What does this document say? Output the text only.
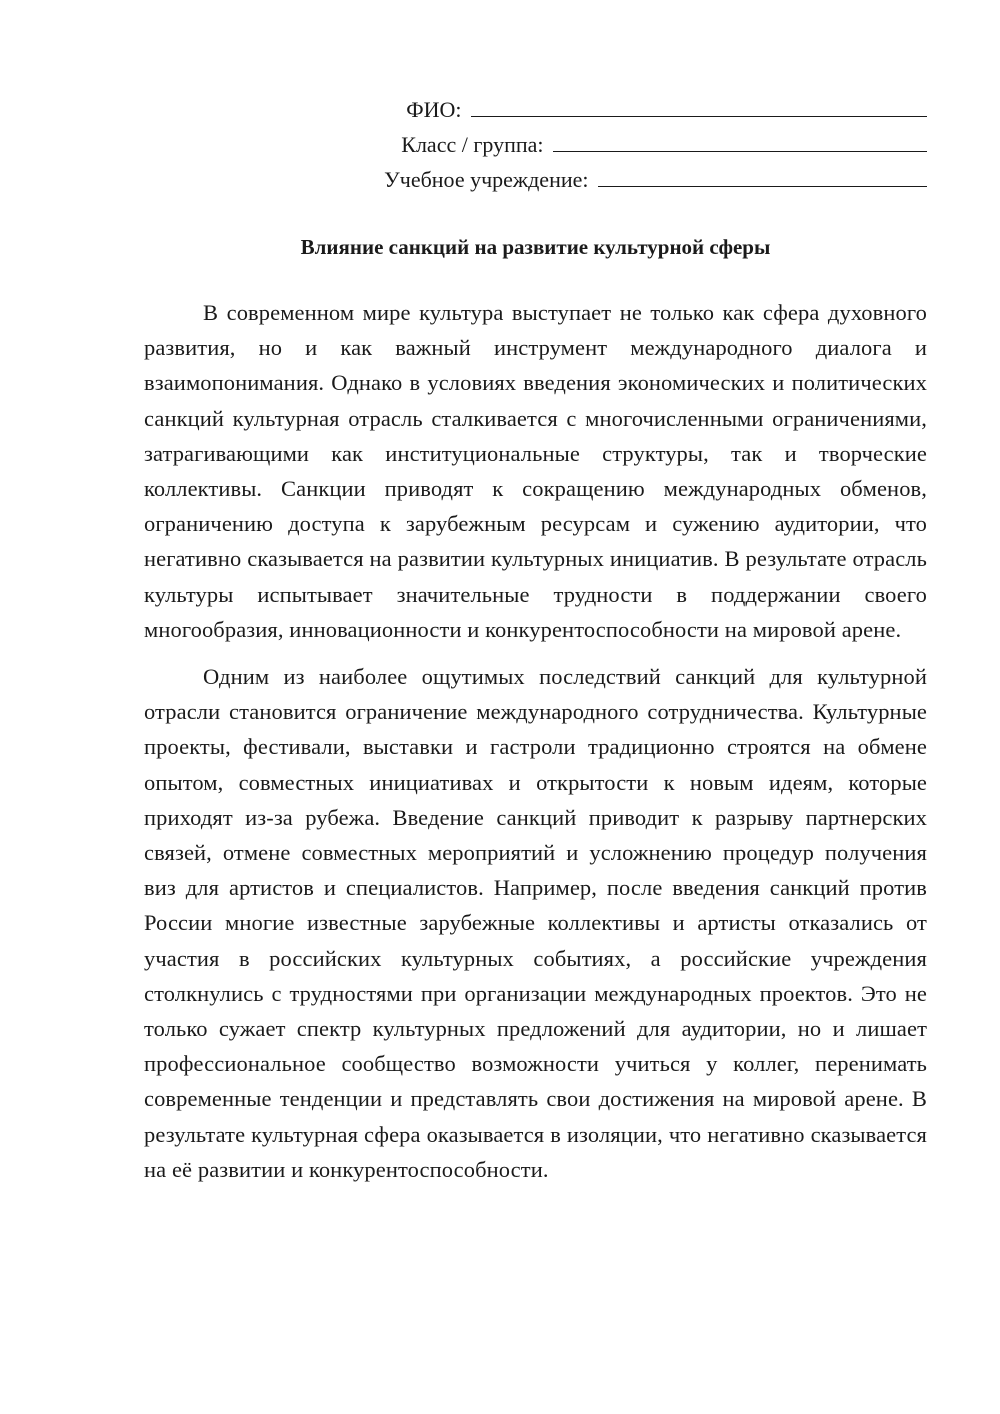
ФИО:
Класс / группа:
Учебное учреждение:
Влияние санкций на развитие культурной сферы

В современном мире культура выступает не только как сфера духовного развития, но и как важный инструмент международного диалога и взаимопонимания. Однако в условиях введения экономических и политических санкций культурная отрасль сталкивается с многочисленными ограничениями, затрагивающими как институциональные структуры, так и творческие коллективы. Санкции приводят к сокращению международных обменов, ограничению доступа к зарубежным ресурсам и сужению аудитории, что негативно сказывается на развитии культурных инициатив. В результате отрасль культуры испытывает значительные трудности в поддержании своего многообразия, инновационности и конкурентоспособности на мировой арене.

Одним из наиболее ощутимых последствий санкций для культурной отрасли становится ограничение международного сотрудничества. Культурные проекты, фестивали, выставки и гастроли традиционно строятся на обмене опытом, совместных инициативах и открытости к новым идеям, которые приходят из-за рубежа. Введение санкций приводит к разрыву партнерских связей, отмене совместных мероприятий и усложнению процедур получения виз для артистов и специалистов. Например, после введения санкций против России многие известные зарубежные коллективы и артисты отказались от участия в российских культурных событиях, а российские учреждения столкнулись с трудностями при организации международных проектов. Это не только сужает спектр культурных предложений для аудитории, но и лишает профессиональное сообщество возможности учиться у коллег, перенимать современные тенденции и представлять свои достижения на мировой арене. В результате культурная сфера оказывается в изоляции, что негативно сказывается на её развитии и конкурентоспособности.
